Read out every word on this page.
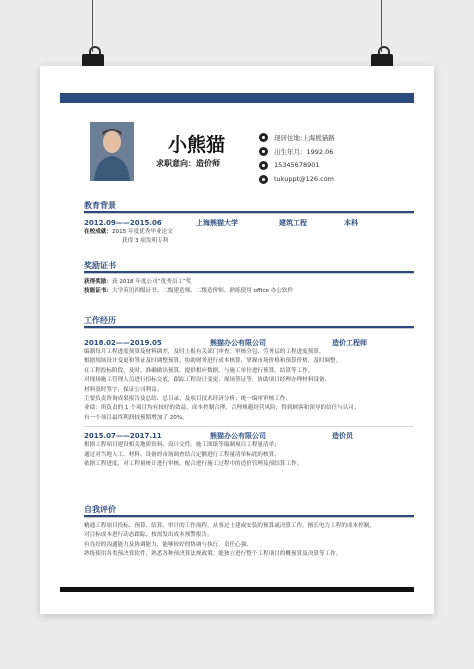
小熊猫
求职意向：造价师
现居住地:上海熊猫路
出生年月：1992.06
15345678901
tukuppt@126.com
教育背景
2012.09——2015.06	上海熊猫大学	建筑工程	本科
在校成就：2015 年度优秀毕业论文
获得 3 项发明专利
奖励证书
获得奖励：获 2018 年度公司“优秀员工”奖
技能证书：大学英语四级证书、二级建造师、二级造价师、熟练使用 office 办公软件
工作经历
2018.02——2019.05	熊猫办公有限公司	造价工程师
编制每月工程进度预算及材料调差，及时上报有关部门审查。审核分包、劳务层的工程进度预算。
根据现场设计变更和签证及时调整预算。协助财务进行成本核算，掌握市场价格和预算价格，及时调整。
在工程投标阶段，及时、准确做出预算，提供相应数据。与施工单位进行预算、结算等工作。
对现场施工管理人员进行招标交底，跟踪工程设计变更、现场签证等，协助项目经理办理材料设备、
材料及时签字，保证公司利益；
主要负责咨询成果报告及总结、总目录，及项目技术经济分析；统一编审审核工作；
业绩：所负责的 1 个项目均有较好的效益，成本控制合理，合理规避经营风险，得到顾客和领导的信任与认可；
有一个项目最终利润较预期增加了 20%。
2015.07——2017.11	熊猫办公有限公司	造价员
根据工程项目建设相关地质资料、设计文件、施工图纸等编制项目工程量清单；
通过对当地人工、材料、设备的市场调查结合定额进行工程量清单标底的核算；
依据工程进度，对工程量统计进行审核，配合进行施工过程中的造价管理及预结算工作。
自我评价
精通工程项目投标、预算、结算、审计的工作流程，从事过土建或安装的预算或决算工作。擅长电力工程的成本控制，
对目标成本进行动态跟踪，按需发出成本预警报告。
有良好的沟通能力及协调能力，能够较好的协调与执行，责任心强。
熟练使用各类预决算软件，熟悉各种预决算法规政策。能独立进行整个工程项目的概预算及决算等工作。
